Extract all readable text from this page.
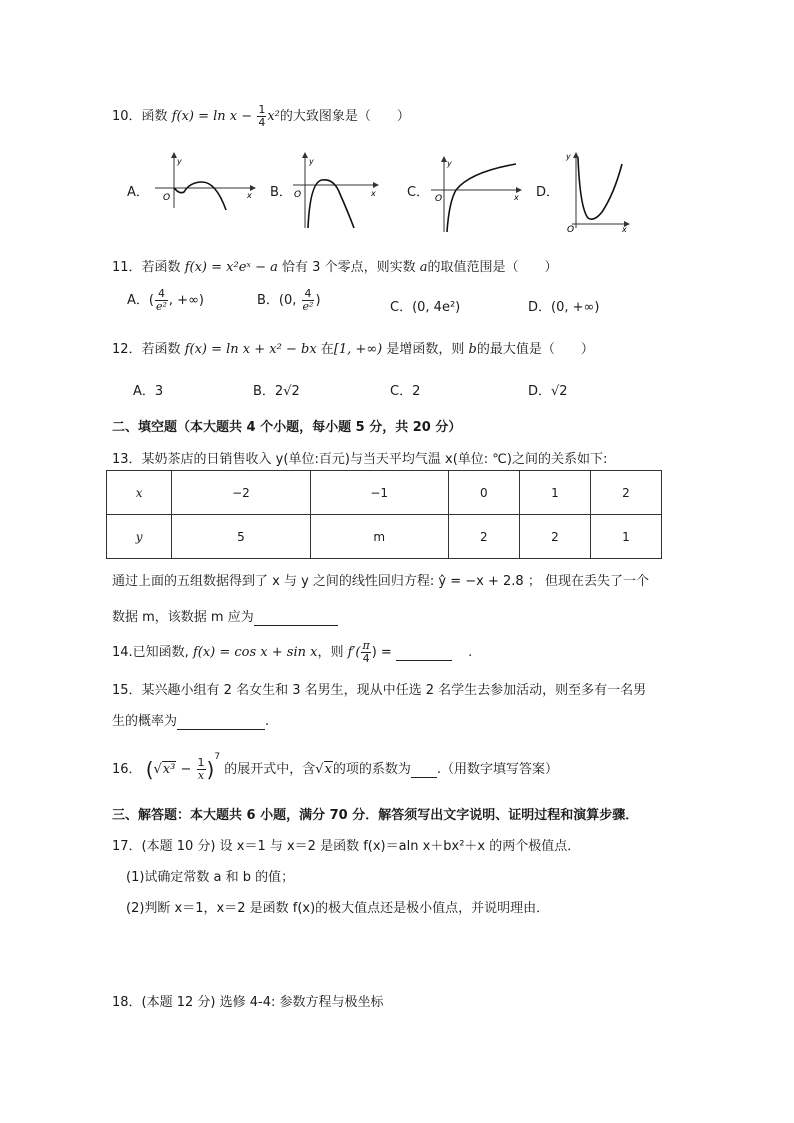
10．函数 $f(x) = \ln x - \frac{1}{4} x^2$的大致图象是（　　）
A．
y
x
O	B．
y
x
O	C．
y
x
O	D．
y
x
O
11．若函数 f(x) = x²eˣ − a 恰有 3 个零点，则实数 a的取值范围是（　　）
A．( $\frac{4}{\text{e²}}$ , +∞)	B．(0, $\frac{4}{\text{e²}}$ )	C．(0, 4e²)	D．(0, +∞)
12．若函数 f(x) = ln x + x² − bx 在[1, +∞) 是增函数，则 b的最大值是（　　）
A．3	B．2√2	C．2	D．√2
二、填空题（本大题共 4 个小题，每小题 5 分，共 20 分）
13．某奶茶店的日销售收入 y(单位:百元)与当天平均气温 x(单位: ℃)之间的关系如下:
x	−2	−1	0	1	2
y	5	m	2	2	1
通过上面的五组数据得到了 x 与 y 之间的线性回归方程: ŷ = −x + 2.8 ； 但现在丢失了一个
数据 m，该数据 m 应为
14.已知函数, f(x) = cos x + sin x，则 $f'( \frac{\pi}{4}$ ) =	.
15．某兴趣小组有 2 名女生和 3 名男生，现从中任选 2 名学生去参加活动，则至多有一名男
生的概率为	.
16． $(√x^3 - \frac{1}{x} )^7$ 的展开式中，含√x的项的系数为 .（用数字填写答案）
三、解答题：本大题共 6 小题，满分 70 分．解答须写出文字说明、证明过程和演算步骤．
17．(本题 10 分) 设 x＝1 与 x＝2 是函数 f(x)＝aln x＋bx²＋x 的两个极值点．
(1)试确定常数 a 和 b 的值；
(2)判断 x＝1，x＝2 是函数 f(x)的极大值点还是极小值点，并说明理由．
18．(本题 12 分) 选修 4-4: 参数方程与极坐标
